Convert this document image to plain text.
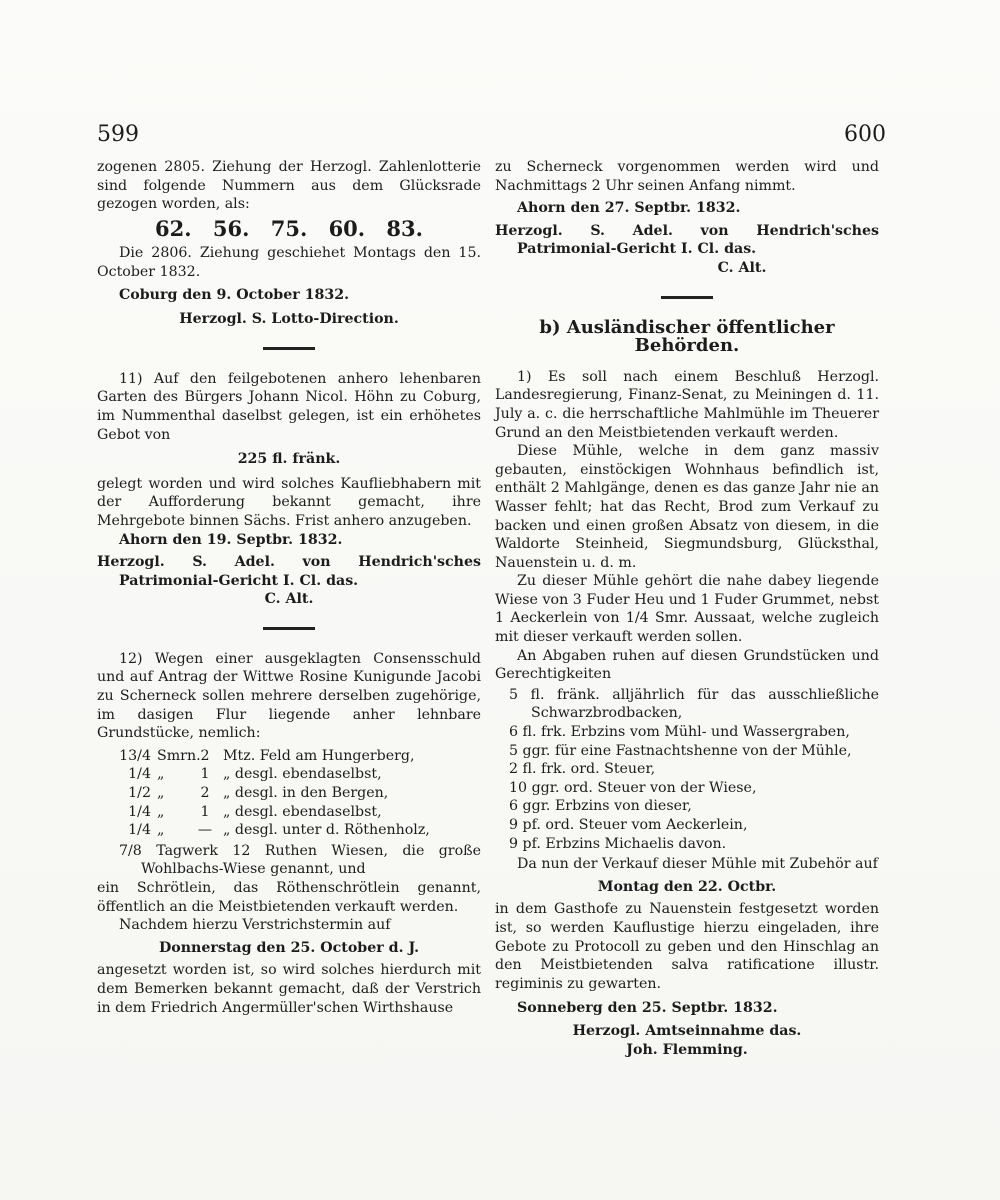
599	600

zogenen 2805. Ziehung der Herzogl. Zahlenlotterie sind folgende Nummern aus dem Glücksrade gezogen worden, als:

62. 56. 75. 60. 83.

Die 2806. Ziehung geschiehet Montags den 15. October 1832.

Coburg den 9. October 1832.

Herzogl. S. Lotto-Direction.

11) Auf den feilgebotenen anhero lehenbaren Garten des Bürgers Johann Nicol. Höhn zu Coburg, im Nummenthal daselbst gelegen, ist ein erhöhetes Gebot von

225 fl. fränk.

gelegt worden und wird solches Kaufliebhabern mit der Aufforderung bekannt gemacht, ihre Mehrgebote binnen Sächs. Frist anhero anzugeben.

Ahorn den 19. Septbr. 1832.

Herzogl. S. Adel. von Hendrich'sches Patrimonial-Gericht I. Cl. das.

C. Alt.

12) Wegen einer ausgeklagten Consensschuld und auf Antrag der Wittwe Rosine Kunigunde Jacobi zu Scherneck sollen mehrere derselben zugehörige, im dasigen Flur liegende anher lehnbare Grundstücke, nemlich:

13/4 Smrn. 2 Mtz. Feld am Hungerberg,
1/4 „	1 „ desgl. ebendaselbst,
1/2 „	2 „ desgl. in den Bergen,
1/4 „	1 „ desgl. ebendaselbst,
1/4 „	— „ desgl. unter d. Röthenholz,

7/8 Tagwerk 12 Ruthen Wiesen, die große Wohlbachs-Wiese genannt, und

ein Schrötlein, das Röthenschrötlein genannt, öffentlich an die Meistbietenden verkauft werden.

Nachdem hierzu Verstrichstermin auf

Donnerstag den 25. October d. J.

angesetzt worden ist, so wird solches hierdurch mit dem Bemerken bekannt gemacht, daß der Verstrich in dem Friedrich Angermüller'schen Wirthshause

zu Scherneck vorgenommen werden wird und Nachmittags 2 Uhr seinen Anfang nimmt.

Ahorn den 27. Septbr. 1832.

Herzogl. S. Adel. von Hendrich'sches Patrimonial-Gericht I. Cl. das.

C. Alt.

b) Ausländischer öffentlicher Behörden.

1) Es soll nach einem Beschluß Herzogl. Landesregierung, Finanz-Senat, zu Meiningen d. 11. July a. c. die herrschaftliche Mahlmühle im Theuerer Grund an den Meistbietenden verkauft werden.

Diese Mühle, welche in dem ganz massiv gebauten, einstöckigen Wohnhaus befindlich ist, enthält 2 Mahlgänge, denen es das ganze Jahr nie an Wasser fehlt; hat das Recht, Brod zum Verkauf zu backen und einen großen Absatz von diesem, in die Waldorte Steinheid, Siegmundsburg, Glücksthal, Nauenstein u. d. m.

Zu dieser Mühle gehört die nahe dabey liegende Wiese von 3 Fuder Heu und 1 Fuder Grummet, nebst 1 Aeckerlein von 1/4 Smr. Aussaat, welche zugleich mit dieser verkauft werden sollen.

An Abgaben ruhen auf diesen Grundstücken und Gerechtigkeiten

5 fl. fränk. alljährlich für das ausschließliche Schwarzbrodbacken,

6 fl. frk. Erbzins vom Mühl- und Wassergraben,

5 ggr. für eine Fastnachtshenne von der Mühle,

2 fl. frk. ord. Steuer,

10 ggr. ord. Steuer von der Wiese,

6 ggr. Erbzins von dieser,

9 pf. ord. Steuer vom Aeckerlein,

9 pf. Erbzins Michaelis davon.

Da nun der Verkauf dieser Mühle mit Zubehör auf

Montag den 22. Octbr.

in dem Gasthofe zu Nauenstein festgesetzt worden ist, so werden Kauflustige hierzu eingeladen, ihre Gebote zu Protocoll zu geben und den Hinschlag an den Meistbietenden salva ratificatione illustr. regiminis zu gewarten.

Sonneberg den 25. Septbr. 1832.

Herzogl. Amtseinnahme das.

Joh. Flemming.
